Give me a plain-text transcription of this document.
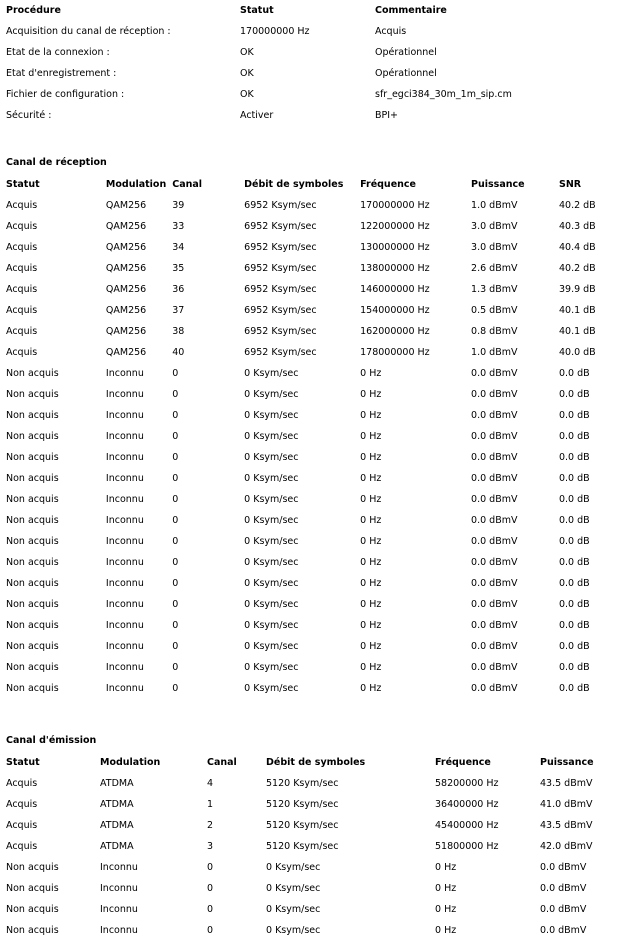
Procédure	Statut	Commentaire
Acquisition du canal de réception :	170000000 Hz	Acquis
Etat de la connexion :	OK	Opérationnel
Etat d'enregistrement :	OK	Opérationnel
Fichier de configuration :	OK	sfr_egci384_30m_1m_sip.cm
Sécurité :	Activer	BPI+
Canal de réception
Statut	Modulation	Canal	Débit de symboles	Fréquence	Puissance	SNR
Acquis	QAM256	39	6952 Ksym/sec	170000000 Hz	1.0 dBmV	40.2 dB
Acquis	QAM256	33	6952 Ksym/sec	122000000 Hz	3.0 dBmV	40.3 dB
Acquis	QAM256	34	6952 Ksym/sec	130000000 Hz	3.0 dBmV	40.4 dB
Acquis	QAM256	35	6952 Ksym/sec	138000000 Hz	2.6 dBmV	40.2 dB
Acquis	QAM256	36	6952 Ksym/sec	146000000 Hz	1.3 dBmV	39.9 dB
Acquis	QAM256	37	6952 Ksym/sec	154000000 Hz	0.5 dBmV	40.1 dB
Acquis	QAM256	38	6952 Ksym/sec	162000000 Hz	0.8 dBmV	40.1 dB
Acquis	QAM256	40	6952 Ksym/sec	178000000 Hz	1.0 dBmV	40.0 dB
Non acquis	Inconnu	0	0 Ksym/sec	0 Hz	0.0 dBmV	0.0 dB
Non acquis	Inconnu	0	0 Ksym/sec	0 Hz	0.0 dBmV	0.0 dB
Non acquis	Inconnu	0	0 Ksym/sec	0 Hz	0.0 dBmV	0.0 dB
Non acquis	Inconnu	0	0 Ksym/sec	0 Hz	0.0 dBmV	0.0 dB
Non acquis	Inconnu	0	0 Ksym/sec	0 Hz	0.0 dBmV	0.0 dB
Non acquis	Inconnu	0	0 Ksym/sec	0 Hz	0.0 dBmV	0.0 dB
Non acquis	Inconnu	0	0 Ksym/sec	0 Hz	0.0 dBmV	0.0 dB
Non acquis	Inconnu	0	0 Ksym/sec	0 Hz	0.0 dBmV	0.0 dB
Non acquis	Inconnu	0	0 Ksym/sec	0 Hz	0.0 dBmV	0.0 dB
Non acquis	Inconnu	0	0 Ksym/sec	0 Hz	0.0 dBmV	0.0 dB
Non acquis	Inconnu	0	0 Ksym/sec	0 Hz	0.0 dBmV	0.0 dB
Non acquis	Inconnu	0	0 Ksym/sec	0 Hz	0.0 dBmV	0.0 dB
Non acquis	Inconnu	0	0 Ksym/sec	0 Hz	0.0 dBmV	0.0 dB
Non acquis	Inconnu	0	0 Ksym/sec	0 Hz	0.0 dBmV	0.0 dB
Non acquis	Inconnu	0	0 Ksym/sec	0 Hz	0.0 dBmV	0.0 dB
Non acquis	Inconnu	0	0 Ksym/sec	0 Hz	0.0 dBmV	0.0 dB
Canal d'émission
Statut	Modulation	Canal	Débit de symboles	Fréquence	Puissance
Acquis	ATDMA	4	5120 Ksym/sec	58200000 Hz	43.5 dBmV
Acquis	ATDMA	1	5120 Ksym/sec	36400000 Hz	41.0 dBmV
Acquis	ATDMA	2	5120 Ksym/sec	45400000 Hz	43.5 dBmV
Acquis	ATDMA	3	5120 Ksym/sec	51800000 Hz	42.0 dBmV
Non acquis	Inconnu	0	0 Ksym/sec	0 Hz	0.0 dBmV
Non acquis	Inconnu	0	0 Ksym/sec	0 Hz	0.0 dBmV
Non acquis	Inconnu	0	0 Ksym/sec	0 Hz	0.0 dBmV
Non acquis	Inconnu	0	0 Ksym/sec	0 Hz	0.0 dBmV
